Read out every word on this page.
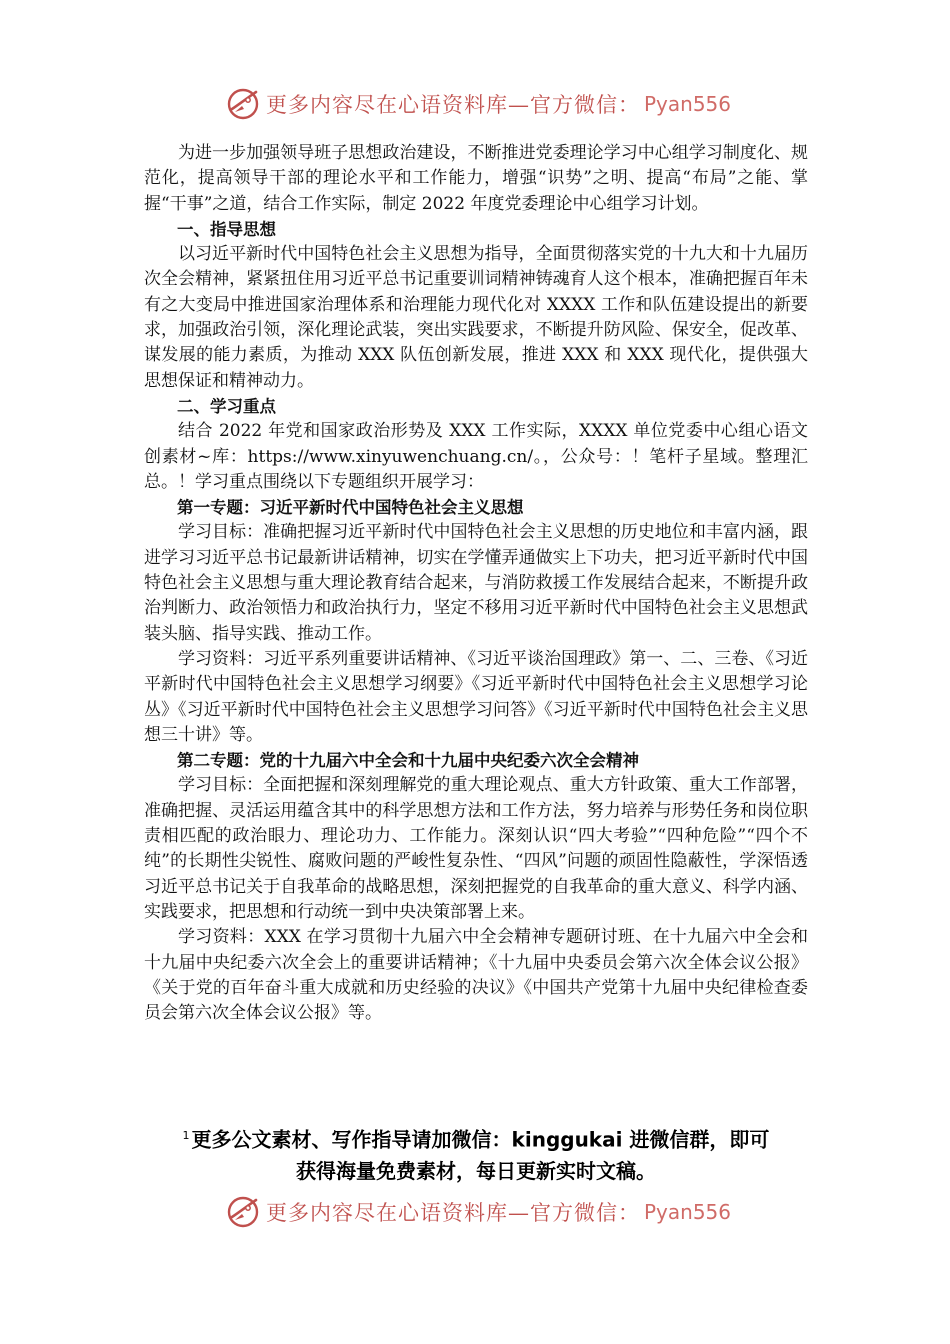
更多内容尽在心语资料库—官方微信： Pyan556

为进一步加强领导班子思想政治建设，不断推进党委理论学习中心组学习制度化、规范化，提高领导干部的理论水平和工作能力，增强“识势”之明、提高“布局”之能、掌握“干事”之道，结合工作实际，制定 2022 年度党委理论中心组学习计划。

一、指导思想

以习近平新时代中国特色社会主义思想为指导，全面贯彻落实党的十九大和十九届历次全会精神，紧紧扭住用习近平总书记重要训词精神铸魂育人这个根本，准确把握百年未有之大变局中推进国家治理体系和治理能力现代化对 XXXX 工作和队伍建设提出的新要求，加强政治引领，深化理论武装，突出实践要求，不断提升防风险、保安全，促改革、谋发展的能力素质，为推动 XXX 队伍创新发展，推进 XXX 和 XXX 现代化，提供强大思想保证和精神动力。

二、学习重点

结合 2022 年党和国家政治形势及 XXX 工作实际，XXXX 单位党委中心组心语文创素材~库：https://www.xinyuwenchuang.cn/。，公众号：！笔杆子星域。整理汇总。！学习重点围绕以下专题组织开展学习：

第一专题：习近平新时代中国特色社会主义思想

学习目标：准确把握习近平新时代中国特色社会主义思想的历史地位和丰富内涵，跟进学习习近平总书记最新讲话精神，切实在学懂弄通做实上下功夫，把习近平新时代中国特色社会主义思想与重大理论教育结合起来，与消防救援工作发展结合起来，不断提升政治判断力、政治领悟力和政治执行力，坚定不移用习近平新时代中国特色社会主义思想武装头脑、指导实践、推动工作。

学习资料：习近平系列重要讲话精神、《习近平谈治国理政》第一、二、三卷、《习近平新时代中国特色社会主义思想学习纲要》《习近平新时代中国特色社会主义思想学习论丛》《习近平新时代中国特色社会主义思想学习问答》《习近平新时代中国特色社会主义思想三十讲》等。

第二专题：党的十九届六中全会和十九届中央纪委六次全会精神

学习目标：全面把握和深刻理解党的重大理论观点、重大方针政策、重大工作部署，准确把握、灵活运用蕴含其中的科学思想方法和工作方法，努力培养与形势任务和岗位职责相匹配的政治眼力、理论功力、工作能力。深刻认识“四大考验”“四种危险”“四个不纯”的长期性尖锐性、腐败问题的严峻性复杂性、“四风”问题的顽固性隐蔽性，学深悟透习近平总书记关于自我革命的战略思想，深刻把握党的自我革命的重大意义、科学内涵、实践要求，把思想和行动统一到中央决策部署上来。

学习资料：XXX 在学习贯彻十九届六中全会精神专题研讨班、在十九届六中全会和十九届中央纪委六次全会上的重要讲话精神；《十九届中央委员会第六次全体会议公报》《关于党的百年奋斗重大成就和历史经验的决议》《中国共产党第十九届中央纪律检查委员会第六次全体会议公报》等。

$^1$ 更多公文素材、写作指导请加微信：kinggukai 进微信群，即可
获得海量免费素材，每日更新实时文稿。
更多内容尽在心语资料库—官方微信： Pyan556
